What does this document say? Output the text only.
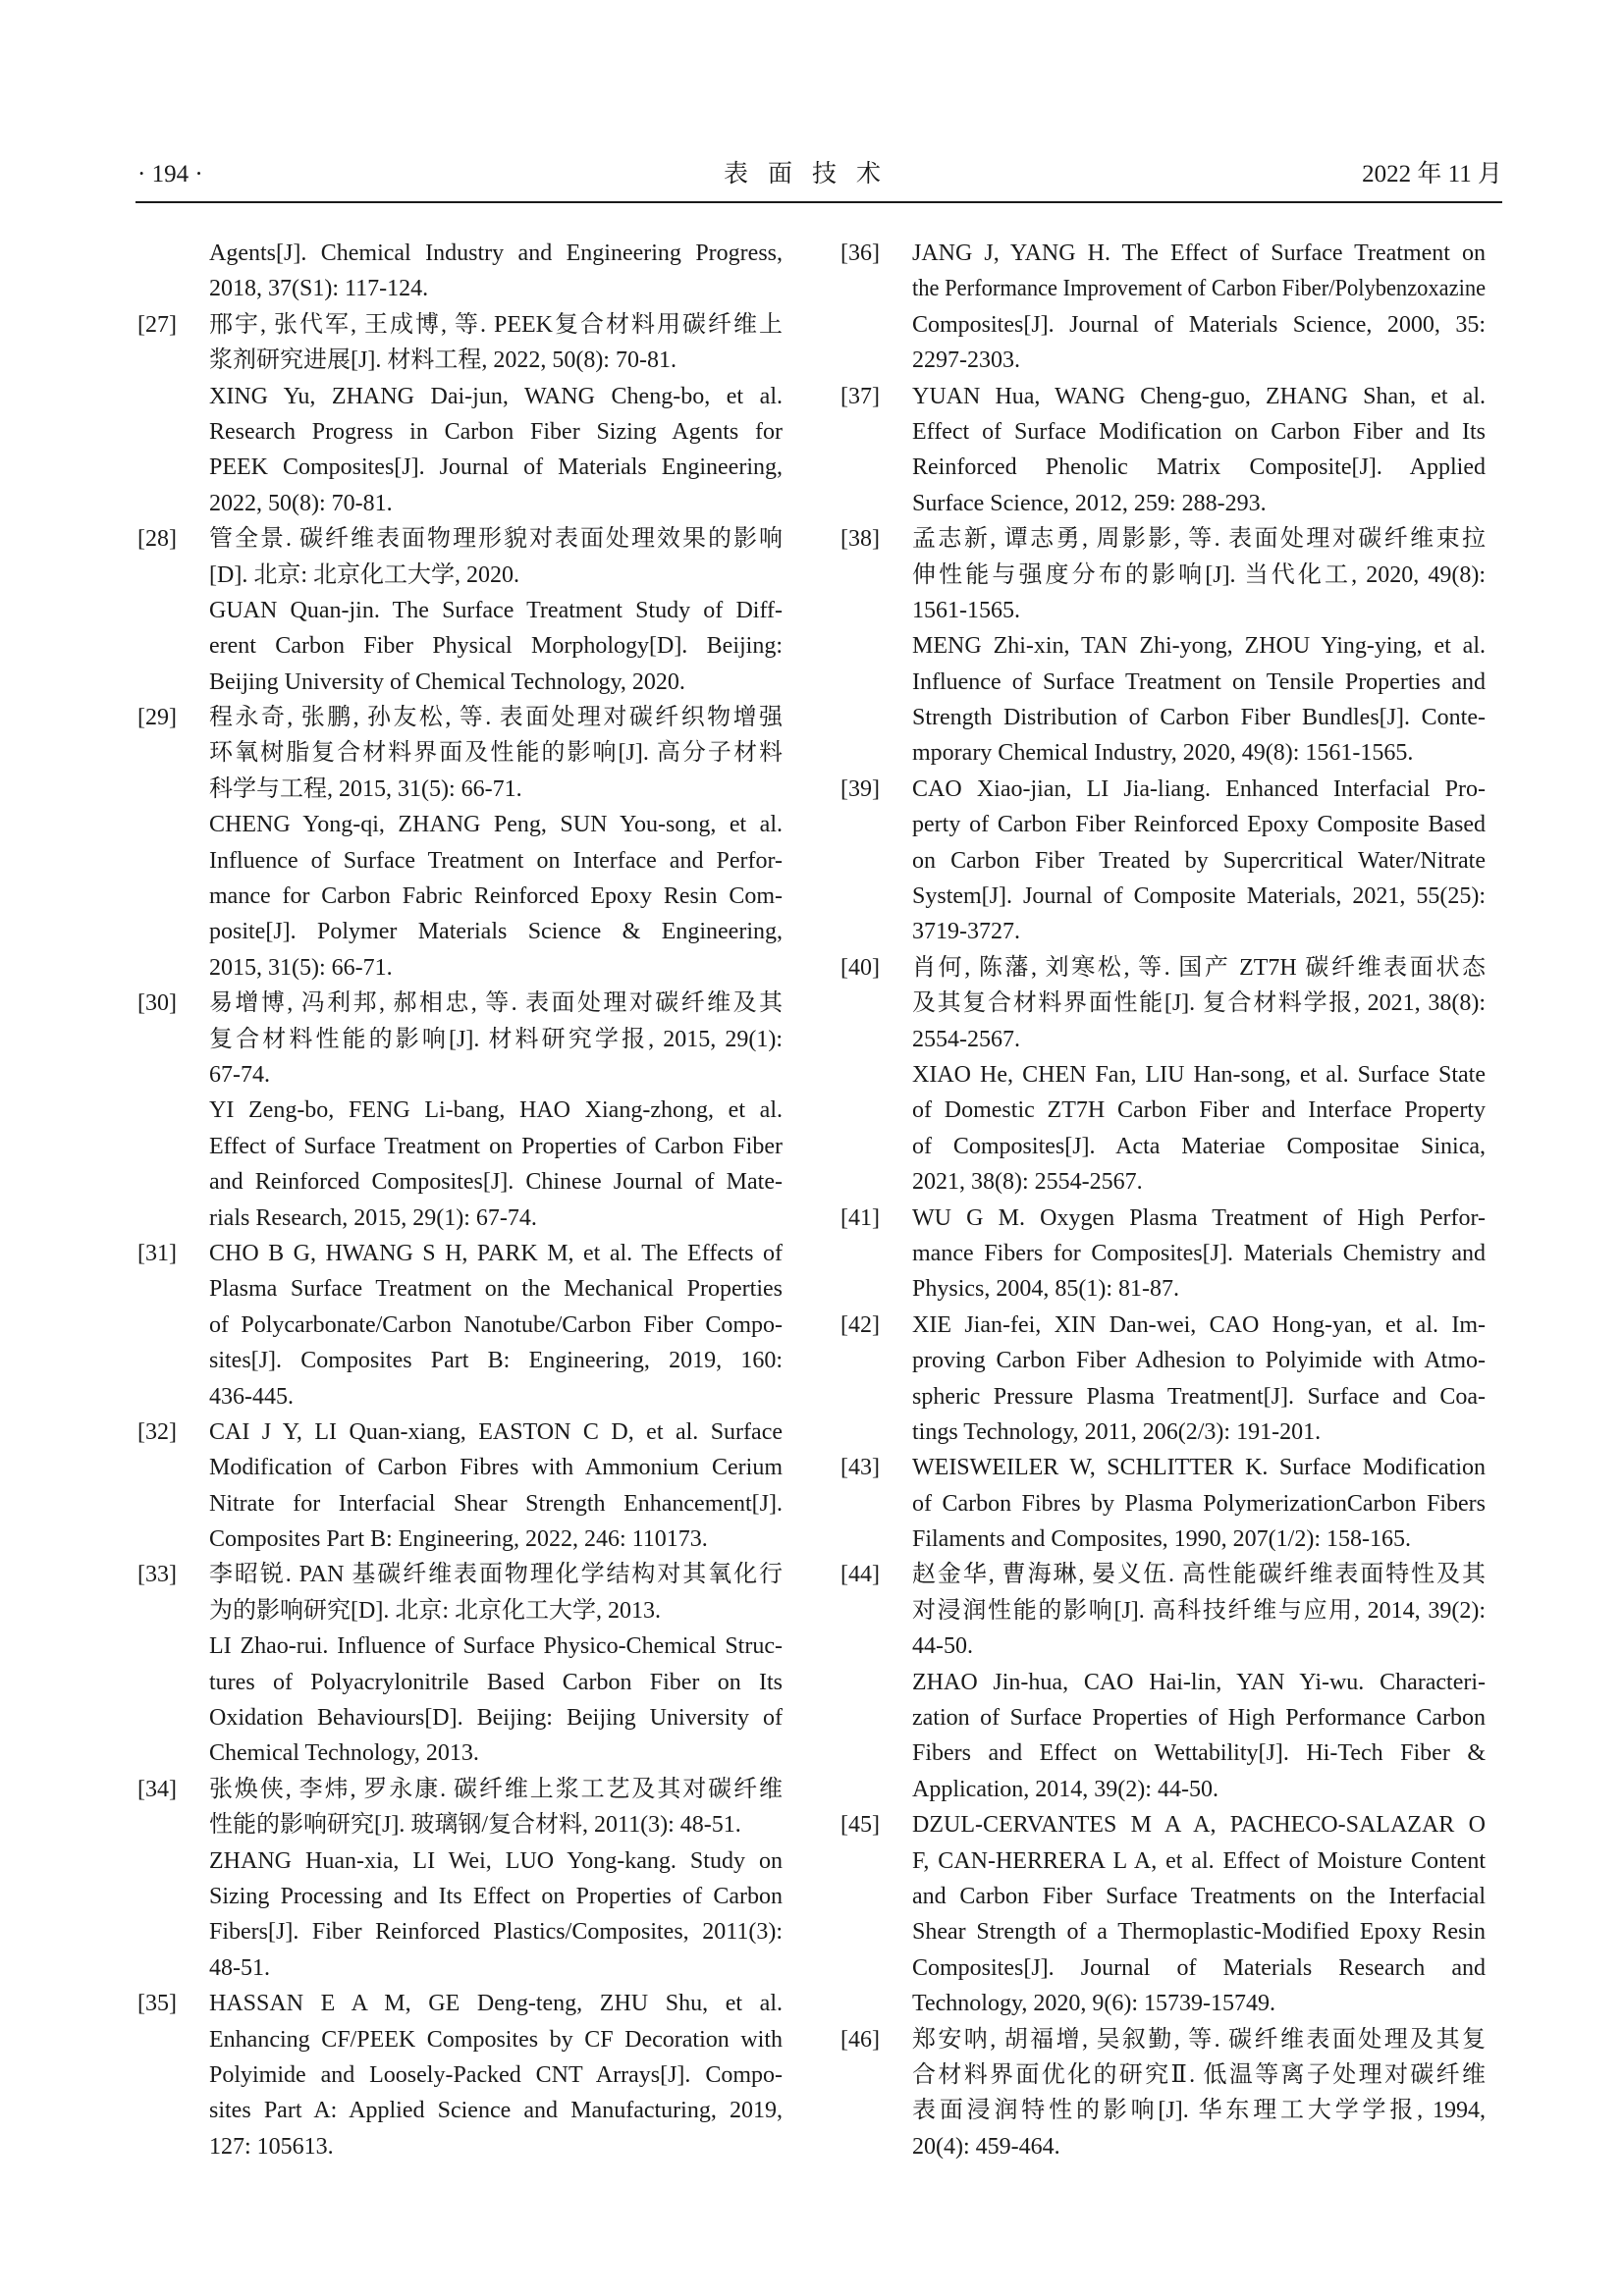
· 194 ·	表面技术	2022 年 11 月
Agents[J]. Chemical Industry and Engineering Progress,
2018, 37(S1): 117-124.
[27] 邢宇, 张代军, 王成博, 等. PEEK复合材料用碳纤维上
浆剂研究进展[J]. 材料工程, 2022, 50(8): 70-81.
XING Yu, ZHANG Dai-jun, WANG Cheng-bo, et al.
Research Progress in Carbon Fiber Sizing Agents for
PEEK Composites[J]. Journal of Materials Engineering,
2022, 50(8): 70-81.
[28] 管全景. 碳纤维表面物理形貌对表面处理效果的影响
[D]. 北京: 北京化工大学, 2020.
GUAN Quan-jin. The Surface Treatment Study of Diff-
erent Carbon Fiber Physical Morphology[D]. Beijing:
Beijing University of Chemical Technology, 2020.
[29] 程永奇, 张鹏, 孙友松, 等. 表面处理对碳纤织物增强
环氧树脂复合材料界面及性能的影响[J]. 高分子材料
科学与工程, 2015, 31(5): 66-71.
CHENG Yong-qi, ZHANG Peng, SUN You-song, et al.
Influence of Surface Treatment on Interface and Perfor-
mance for Carbon Fabric Reinforced Epoxy Resin Com-
posite[J]. Polymer Materials Science & Engineering,
2015, 31(5): 66-71.
[30] 易增博, 冯利邦, 郝相忠, 等. 表面处理对碳纤维及其
复合材料性能的影响[J]. 材料研究学报, 2015, 29(1):
67-74.
YI Zeng-bo, FENG Li-bang, HAO Xiang-zhong, et al.
Effect of Surface Treatment on Properties of Carbon Fiber
and Reinforced Composites[J]. Chinese Journal of Mate-
rials Research, 2015, 29(1): 67-74.
[31] CHO B G, HWANG S H, PARK M, et al. The Effects of
Plasma Surface Treatment on the Mechanical Properties
of Polycarbonate/Carbon Nanotube/Carbon Fiber Compo-
sites[J]. Composites Part B: Engineering, 2019, 160:
436-445.
[32] CAI J Y, LI Quan-xiang, EASTON C D, et al. Surface
Modification of Carbon Fibres with Ammonium Cerium
Nitrate for Interfacial Shear Strength Enhancement[J].
Composites Part B: Engineering, 2022, 246: 110173.
[33] 李昭锐. PAN 基碳纤维表面物理化学结构对其氧化行
为的影响研究[D]. 北京: 北京化工大学, 2013.
LI Zhao-rui. Influence of Surface Physico-Chemical Struc-
tures of Polyacrylonitrile Based Carbon Fiber on Its
Oxidation Behaviours[D]. Beijing: Beijing University of
Chemical Technology, 2013.
[34] 张焕侠, 李炜, 罗永康. 碳纤维上浆工艺及其对碳纤维
性能的影响研究[J]. 玻璃钢/复合材料, 2011(3): 48-51.
ZHANG Huan-xia, LI Wei, LUO Yong-kang. Study on
Sizing Processing and Its Effect on Properties of Carbon
Fibers[J]. Fiber Reinforced Plastics/Composites, 2011(3):
48-51.
[35] HASSAN E A M, GE Deng-teng, ZHU Shu, et al.
Enhancing CF/PEEK Composites by CF Decoration with
Polyimide and Loosely-Packed CNT Arrays[J]. Compo-
sites Part A: Applied Science and Manufacturing, 2019,
127: 105613.
[36] JANG J, YANG H. The Effect of Surface Treatment on
the Performance Improvement of Carbon Fiber/Polybenzoxazine
Composites[J]. Journal of Materials Science, 2000, 35:
2297-2303.
[37] YUAN Hua, WANG Cheng-guo, ZHANG Shan, et al.
Effect of Surface Modification on Carbon Fiber and Its
Reinforced Phenolic Matrix Composite[J]. Applied
Surface Science, 2012, 259: 288-293.
[38] 孟志新, 谭志勇, 周影影, 等. 表面处理对碳纤维束拉
伸性能与强度分布的影响[J]. 当代化工, 2020, 49(8):
1561-1565.
MENG Zhi-xin, TAN Zhi-yong, ZHOU Ying-ying, et al.
Influence of Surface Treatment on Tensile Properties and
Strength Distribution of Carbon Fiber Bundles[J]. Conte-
mporary Chemical Industry, 2020, 49(8): 1561-1565.
[39] CAO Xiao-jian, LI Jia-liang. Enhanced Interfacial Pro-
perty of Carbon Fiber Reinforced Epoxy Composite Based
on Carbon Fiber Treated by Supercritical Water/Nitrate
System[J]. Journal of Composite Materials, 2021, 55(25):
3719-3727.
[40] 肖何, 陈藩, 刘寒松, 等. 国产 ZT7H 碳纤维表面状态
及其复合材料界面性能[J]. 复合材料学报, 2021, 38(8):
2554-2567.
XIAO He, CHEN Fan, LIU Han-song, et al. Surface State
of Domestic ZT7H Carbon Fiber and Interface Property
of Composites[J]. Acta Materiae Compositae Sinica,
2021, 38(8): 2554-2567.
[41] WU G M. Oxygen Plasma Treatment of High Perfor-
mance Fibers for Composites[J]. Materials Chemistry and
Physics, 2004, 85(1): 81-87.
[42] XIE Jian-fei, XIN Dan-wei, CAO Hong-yan, et al. Im-
proving Carbon Fiber Adhesion to Polyimide with Atmo-
spheric Pressure Plasma Treatment[J]. Surface and Coa-
tings Technology, 2011, 206(2/3): 191-201.
[43] WEISWEILER W, SCHLITTER K. Surface Modification
of Carbon Fibres by Plasma PolymerizationCarbon Fibers
Filaments and Composites, 1990, 207(1/2): 158-165.
[44] 赵金华, 曹海琳, 晏义伍. 高性能碳纤维表面特性及其
对浸润性能的影响[J]. 高科技纤维与应用, 2014, 39(2):
44-50.
ZHAO Jin-hua, CAO Hai-lin, YAN Yi-wu. Characteri-
zation of Surface Properties of High Performance Carbon
Fibers and Effect on Wettability[J]. Hi-Tech Fiber &
Application, 2014, 39(2): 44-50.
[45] DZUL-CERVANTES M A A, PACHECO-SALAZAR O
F, CAN-HERRERA L A, et al. Effect of Moisture Content
and Carbon Fiber Surface Treatments on the Interfacial
Shear Strength of a Thermoplastic-Modified Epoxy Resin
Composites[J]. Journal of Materials Research and
Technology, 2020, 9(6): 15739-15749.
[46] 郑安呐, 胡福增, 吴叙勤, 等. 碳纤维表面处理及其复
合材料界面优化的研究Ⅱ. 低温等离子处理对碳纤维
表面浸润特性的影响[J]. 华东理工大学学报, 1994,
20(4): 459-464.
